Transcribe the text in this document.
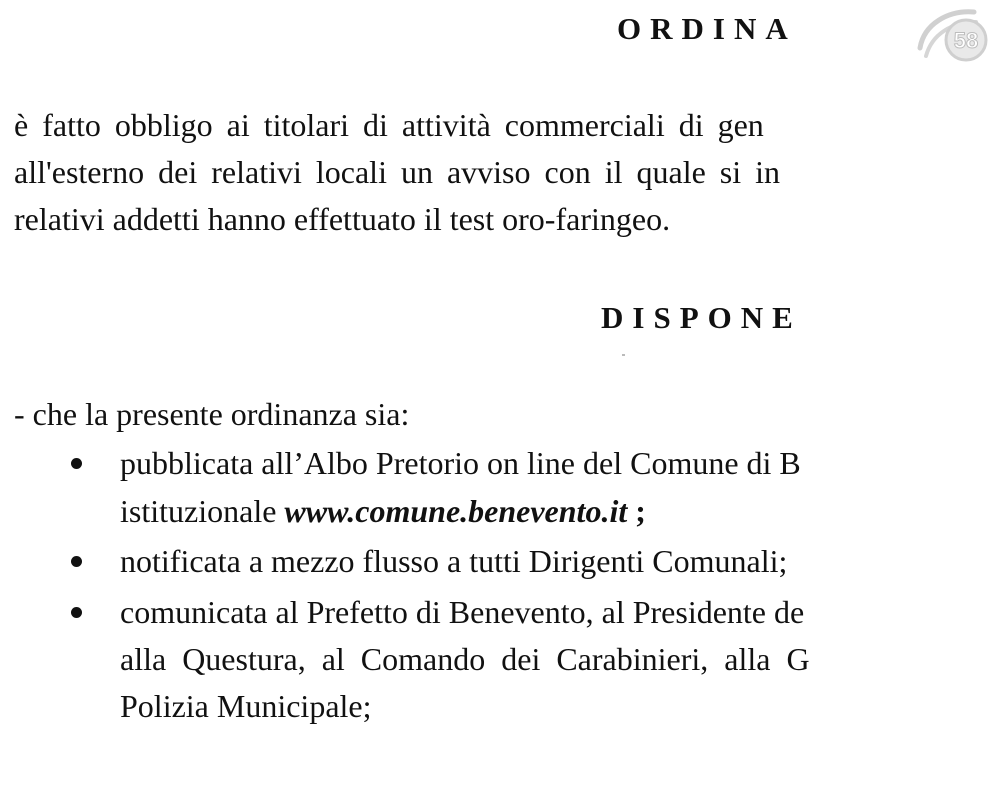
ORDINA
è fatto obbligo ai titolari di attività commerciali di gen
all'esterno dei relativi locali un avviso con il quale si in
relativi addetti hanno effettuato il test oro-faringeo.
DISPONE
- che la presente ordinanza sia:
pubblicata all’Albo Pretorio on line del Comune di B
istituzionale www.comune.benevento.it ;
notificata a mezzo flusso a tutti Dirigenti Comunali;
comunicata al Prefetto di Benevento, al Presidente de
alla Questura, al Comando dei Carabinieri, alla G
Polizia Municipale;
58
